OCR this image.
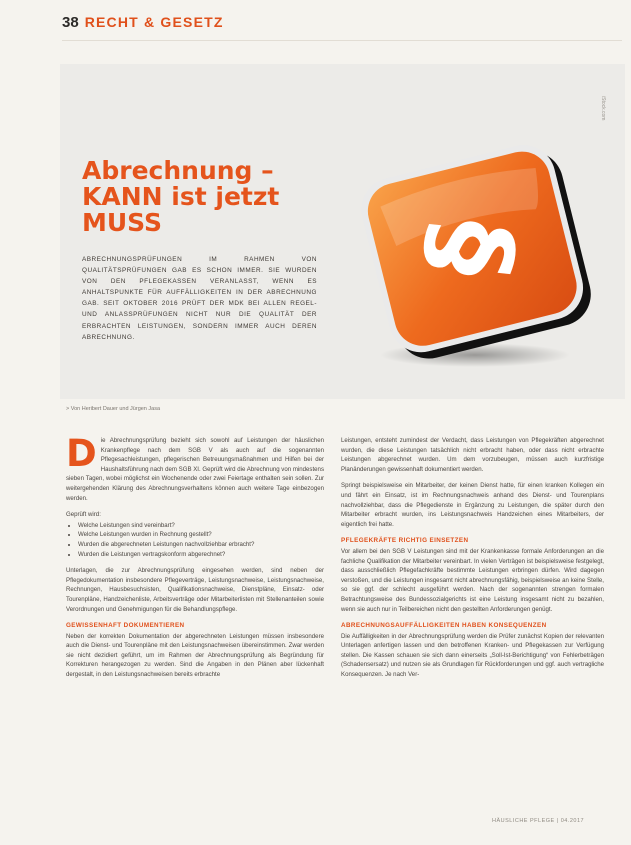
38 RECHT & GESETZ
iStock.com
Abrechnung –
KANN ist jetzt
MUSS
ABRECHNUNGSPRÜFUNGEN IM RAHMEN VON QUALITÄTSPRÜFUNGEN GAB ES SCHON IMMER. SIE WURDEN VON DEN PFLEGEKASSEN VERANLASST, WENN ES ANHALTSPUNKTE FÜR AUFFÄLLIGKEITEN IN DER ABRECHNUNG GAB. SEIT OKTOBER 2016 PRÜFT DER MDK BEI ALLEN REGEL- UND ANLASSPRÜFUNGEN NICHT NUR DIE QUALITÄT DER ERBRACHTEN LEISTUNGEN, SONDERN IMMER AUCH DEREN ABRECHNUNG.
§
> Von Heribert Dauer und Jürgen Jasa

Die Abrechnungsprüfung bezieht sich sowohl auf Leistungen der häuslichen Krankenpflege nach dem SGB V als auch auf die sogenannten Pflegesachleistungen, pflegerischen Betreuungsmaßnahmen und Hilfen bei der Haushaltsführung nach dem SGB XI. Geprüft wird die Abrechnung von mindestens sieben Tagen, wobei möglichst ein Wochenende oder zwei Feiertage enthalten sein sollen. Zur weitergehenden Klärung des Abrechnungsverhaltens können auch weitere Tage einbezogen werden.

Geprüft wird:

• Welche Leistungen sind vereinbart?
• Welche Leistungen wurden in Rechnung gestellt?
• Wurden die abgerechneten Leistungen nachvollziehbar erbracht?
• Wurden die Leistungen vertragskonform abgerechnet?

Unterlagen, die zur Abrechnungsprüfung eingesehen werden, sind neben der Pflegedokumentation insbesondere Pflegeverträge, Leistungsnachweise, Leistungsnachweise, Rechnungen, Hausbesuchsisten, Qualifikationsnachweise, Dienstpläne, Einsatz- oder Tourenpläne, Handzeichenliste, Arbeitsverträge oder Mitarbeiterlisten mit Stellenanteilen sowie Verordnungen und Genehmigungen für die Behandlungspflege.

GEWISSENHAFT DOKUMENTIEREN

Neben der korrekten Dokumentation der abgerechneten Leistungen müssen insbesondere auch die Dienst- und Tourenpläne mit den Leistungsnachweisen übereinstimmen. Zwar werden sie nicht dezidiert geführt, um im Rahmen der Abrechnungsprüfung als Begründung für Korrekturen herangezogen zu werden. Sind die Angaben in den Plänen aber lückenhaft dergestalt, in den Leistungsnachweisen bereits erbrachte

Leistungen, entsteht zumindest der Verdacht, dass Leistungen von Pflegekräften abgerechnet wurden, die diese Leistungen tatsächlich nicht erbracht haben, oder dass nicht erbrachte Leistungen abgerechnet wurden. Um dem vorzubeugen, müssen auch kurzfristige Planänderungen gewissenhaft dokumentiert werden.

Springt beispielsweise ein Mitarbeiter, der keinen Dienst hatte, für einen kranken Kollegen ein und fährt ein Einsatz, ist im Rechnungsnachweis anhand des Dienst- und Tourenplans nachvollziehbar, dass die Pflegedienste in Ergänzung zu Leistungen, die später durch den Mitarbeiter erbracht wurden, ins Leistungsnachweis Handzeichen eines Mitarbeiters, der eigentlich frei hatte.

PFLEGEKRÄFTE RICHTIG EINSETZEN

Vor allem bei den SGB V Leistungen sind mit der Krankenkasse formale Anforderungen an die fachliche Qualifikation der Mitarbeiter vereinbart. In vielen Verträgen ist beispielsweise festgelegt, dass ausschließlich Pflegefachkräfte bestimmte Leistungen erbringen dürfen. Wird dagegen verstoßen, und die Leistungen insgesamt nicht abrechnungsfähig, beispielsweise an keine Stelle, so sie ggf. der schlecht ausgeführt werden. Nach der sogenannten strengen formalen Betrachtungsweise des Bundessozialgerichts ist eine Leistung insgesamt nicht zu bezahlen, wenn sie auch nur in Teilbereichen nicht den gestellten Anforderungen genügt.

ABRECHNUNGSAUFFÄLLIGKEITEN HABEN KONSEQUENZEN

Die Auffälligkeiten in der Abrechnungsprüfung werden die Prüfer zunächst Kopien der relevanten Unterlagen anfertigen lassen und den betroffenen Kranken- und Pflegekassen zur Verfügung stellen. Die Kassen schauen sie sich dann einerseits „Soll-Ist-Berichtigung“ von Fehlerbeträgen (Schadensersatz) und nutzen sie als Grundlagen für Rückforderungen und ggf. auch vertragliche Konsequenzen. Je nach Ver-

HÄUSLICHE PFLEGE | 04.2017
